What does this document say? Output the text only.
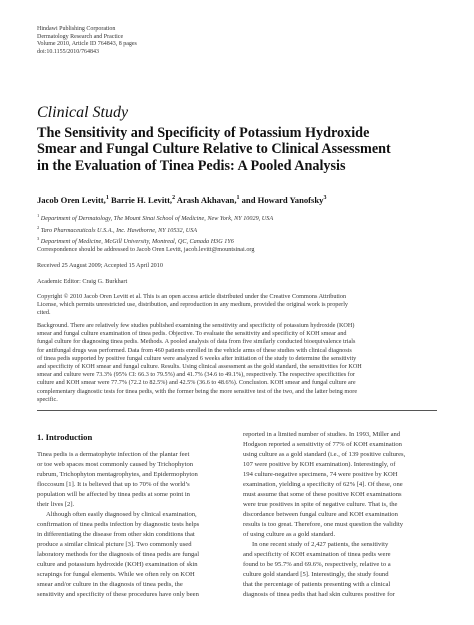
Hindawi Publishing Corporation
Dermatology Research and Practice
Volume 2010, Article ID 764843, 8 pages
doi:10.1155/2010/764843
Clinical Study
The Sensitivity and Specificity of Potassium Hydroxide
Smear and Fungal Culture Relative to Clinical Assessment
in the Evaluation of Tinea Pedis: A Pooled Analysis
Jacob Oren Levitt,$^1$ Barrie H. Levitt,$^2$ Arash Akhavan,$^1$ and Howard Yanofsky$^3$
$^1$ Department of Dermatology, The Mount Sinai School of Medicine, New York, NY 10029, USA
$^2$ Taro Pharmaceuticals U.S.A., Inc. Hawthorne, NY 10532, USA
$^3$ Department of Medicine, McGill University, Montreal, QC, Canada H3G 1Y6
Correspondence should be addressed to Jacob Oren Levitt, jacob.levitt@mountsinai.org
Received 25 August 2009; Accepted 15 April 2010
Academic Editor: Craig G. Burkhart
Copyright © 2010 Jacob Oren Levitt et al. This is an open access article distributed under the Creative Commons Attribution
License, which permits unrestricted use, distribution, and reproduction in any medium, provided the original work is properly
cited.
Background. There are relatively few studies published examining the sensitivity and specificity of potassium hydroxide (KOH)
smear and fungal culture examination of tinea pedis. Objective. To evaluate the sensitivity and specificity of KOH smear and
fungal culture for diagnosing tinea pedis. Methods. A pooled analysis of data from five similarly conducted bioequivalence trials
for antifungal drugs was performed. Data from 460 patients enrolled in the vehicle arms of these studies with clinical diagnosis
of tinea pedis supported by positive fungal culture were analyzed 6 weeks after initiation of the study to determine the sensitivity
and specificity of KOH smear and fungal culture. Results. Using clinical assessment as the gold standard, the sensitivities for KOH
smear and culture were 73.3% (95% CI: 66.3 to 79.5%) and 41.7% (34.6 to 49.1%), respectively. The respective specificities for
culture and KOH smear were 77.7% (72.2 to 82.5%) and 42.5% (36.6 to 48.6%). Conclusion. KOH smear and fungal culture are
complementary diagnostic tests for tinea pedis, with the former being the more sensitive test of the two, and the latter being more
specific.
1. Introduction
Tinea pedis is a dermatophyte infection of the plantar feet
or toe web spaces most commonly caused by Trichophyton
rubrum, Trichophyton mentagrophytes, and Epidermophyton
floccosum [1]. It is believed that up to 70% of the world’s
population will be affected by tinea pedis at some point in
their lives [2].
Although often easily diagnosed by clinical examination,
confirmation of tinea pedis infection by diagnostic tests helps
in differentiating the disease from other skin conditions that
produce a similar clinical picture [3]. Two commonly used
laboratory methods for the diagnosis of tinea pedis are fungal
culture and potassium hydroxide (KOH) examination of skin
scrapings for fungal elements. While we often rely on KOH
smear and/or culture in the diagnosis of tinea pedis, the
sensitivity and specificity of these procedures have only been
reported in a limited number of studies. In 1993, Miller and
Hodgson reported a sensitivity of 77% of KOH examination
using culture as a gold standard (i.e., of 139 positive cultures,
107 were positive by KOH examination). Interestingly, of
194 culture-negative specimens, 74 were positive by KOH
examination, yielding a specificity of 62% [4]. Of these, one
must assume that some of these positive KOH examinations
were true positives in spite of negative culture. That is, the
discordance between fungal culture and KOH examination
results is too great. Therefore, one must question the validity
of using culture as a gold standard.
In one recent study of 2,427 patients, the sensitivity
and specificity of KOH examination of tinea pedis were
found to be 95.7% and 69.6%, respectively, relative to a
culture gold standard [5]. Interestingly, the study found
that the percentage of patients presenting with a clinical
diagnosis of tinea pedis that had skin cultures positive for
